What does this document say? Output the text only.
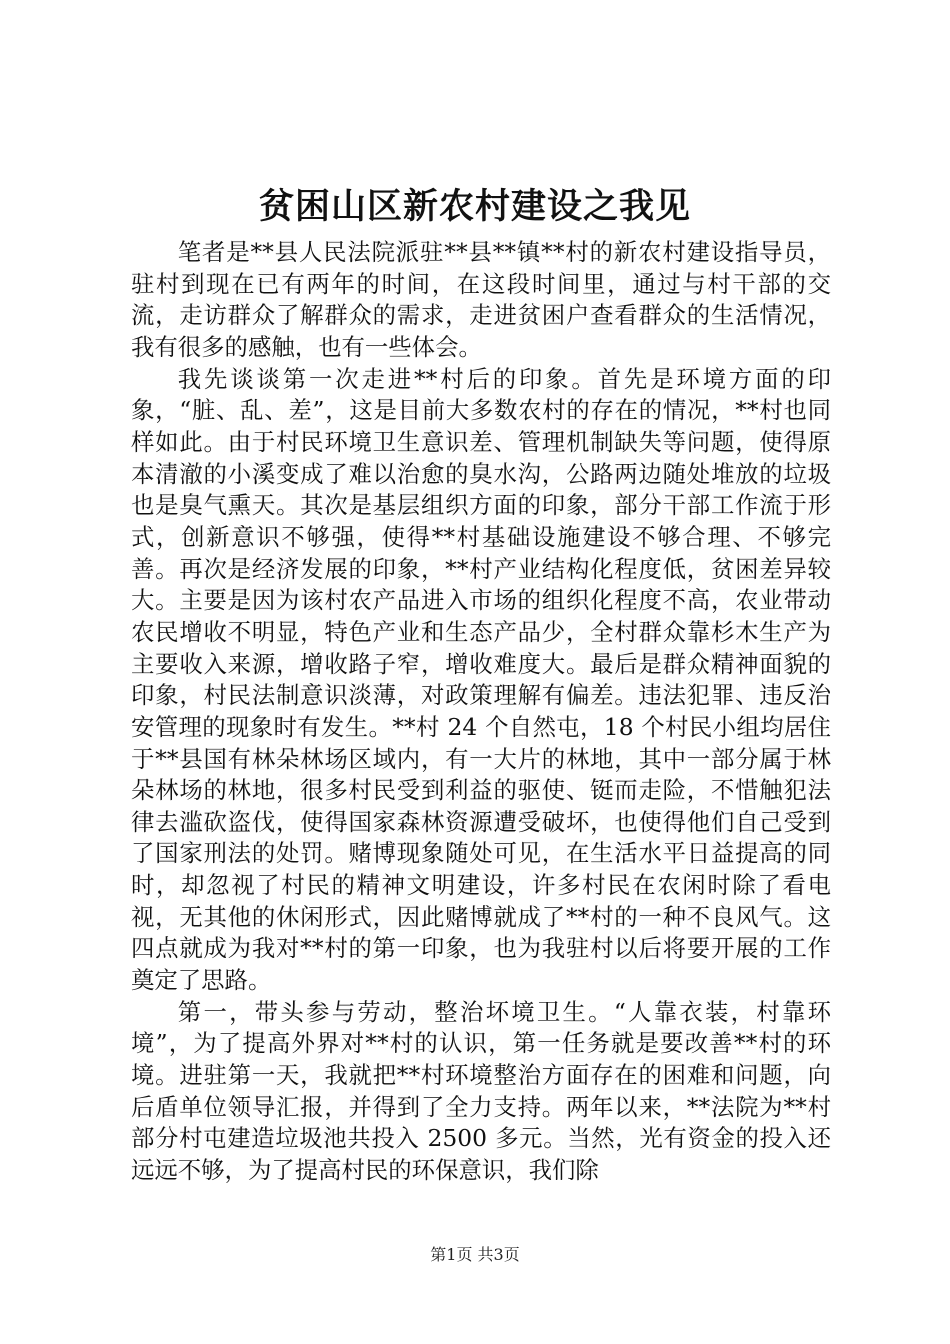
贫困山区新农村建设之我见

笔者是**县人民法院派驻**县**镇**村的新农村建设指导员，驻村到现在已有两年的时间，在这段时间里，通过与村干部的交流，走访群众了解群众的需求，走进贫困户查看群众的生活情况，我有很多的感触，也有一些体会。

我先谈谈第一次走进**村后的印象。首先是环境方面的印象，“脏、乱、差”，这是目前大多数农村的存在的情况，**村也同样如此。由于村民环境卫生意识差、管理机制缺失等问题，使得原本清澈的小溪变成了难以治愈的臭水沟，公路两边随处堆放的垃圾也是臭气熏天。其次是基层组织方面的印象，部分干部工作流于形式，创新意识不够强，使得**村基础设施建设不够合理、不够完善。再次是经济发展的印象，**村产业结构化程度低，贫困差异较大。主要是因为该村农产品进入市场的组织化程度不高，农业带动农民增收不明显，特色产业和生态产品少，全村群众靠杉木生产为主要收入来源，增收路子窄，增收难度大。最后是群众精神面貌的印象，村民法制意识淡薄，对政策理解有偏差。违法犯罪、违反治安管理的现象时有发生。**村 24 个自然屯，18 个村民小组均居住于**县国有林朵林场区域内，有一大片的林地，其中一部分属于林朵林场的林地，很多村民受到利益的驱使、铤而走险，不惜触犯法律去滥砍盗伐，使得国家森林资源遭受破坏，也使得他们自己受到了国家刑法的处罚。赌博现象随处可见，在生活水平日益提高的同时，却忽视了村民的精神文明建设，许多村民在农闲时除了看电视，无其他的休闲形式，因此赌博就成了**村的一种不良风气。这四点就成为我对**村的第一印象，也为我驻村以后将要开展的工作奠定了思路。

第一，带头参与劳动，整治坏境卫生。“人靠衣装，村靠环境”，为了提高外界对**村的认识，第一任务就是要改善**村的环境。进驻第一天，我就把**村环境整治方面存在的困难和问题，向后盾单位领导汇报，并得到了全力支持。两年以来，**法院为**村部分村屯建造垃圾池共投入 2500 多元。当然，光有资金的投入还远远不够，为了提高村民的环保意识，我们除

第1页 共3页
